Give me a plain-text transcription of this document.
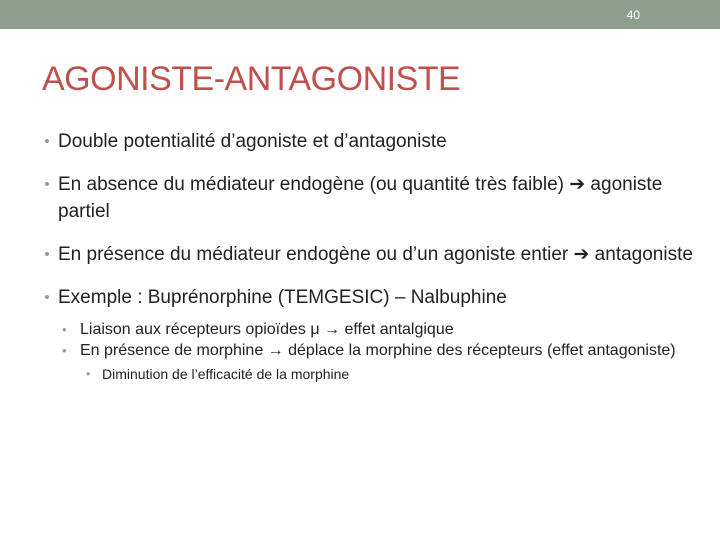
40
AGONISTE-ANTAGONISTE
• Double potentialité d’agoniste et d’antagoniste
• En absence du médiateur endogène (ou quantité très faible) ➔ agoniste partiel
• En présence du médiateur endogène ou d’un agoniste entier ➔ antagoniste
• Exemple : Buprénorphine (TEMGESIC) – Nalbuphine
• Liaison aux récepteurs opioïdes μ → effet antalgique
• En présence de morphine → déplace la morphine des récepteurs (effet antagoniste)
• Diminution de l’efficacité de la morphine
